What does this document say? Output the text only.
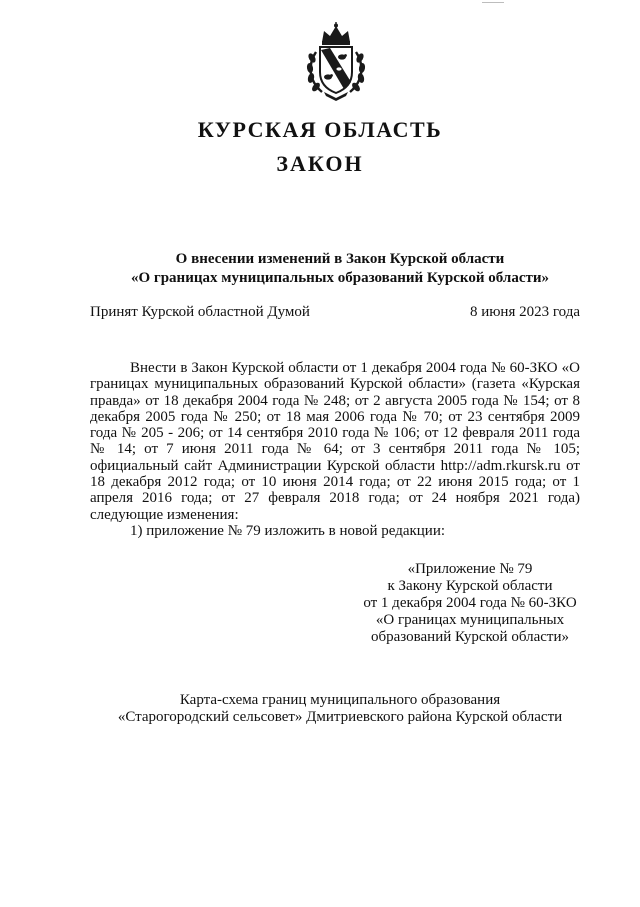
КУРСКАЯ ОБЛАСТЬ
ЗАКОН
О внесении изменений в Закон Курской области
«О границах муниципальных образований Курской области»
Принят Курской областной Думой	8 июня 2023 года

Внести в Закон Курской области от 1 декабря 2004 года № 60-ЗКО «О границах муниципальных образований Курской области» (газета «Курская правда» от 18 декабря 2004 года № 248; от 2 августа 2005 года № 154; от 8 декабря 2005 года № 250; от 18 мая 2006 года № 70; от 23 сентября 2009 года № 205 - 206; от 14 сентября 2010 года № 106; от 12 февраля 2011 года № 14; от 7 июня 2011 года № 64; от 3 сентября 2011 года № 105; официальный сайт Администрации Курской области http://adm.rkursk.ru от 18 декабря 2012 года; от 10 июня 2014 года; от 22 июня 2015 года; от 1 апреля 2016 года; от 27 февраля 2018 года; от 24 ноября 2021 года) следующие изменения:

1) приложение № 79 изложить в новой редакции:

«Приложение № 79
к Закону Курской области
от 1 декабря 2004 года № 60-ЗКО
«О границах муниципальных
образований Курской области»
Карта-схема границ муниципального образования
«Старогородский сельсовет» Дмитриевского района Курской области
